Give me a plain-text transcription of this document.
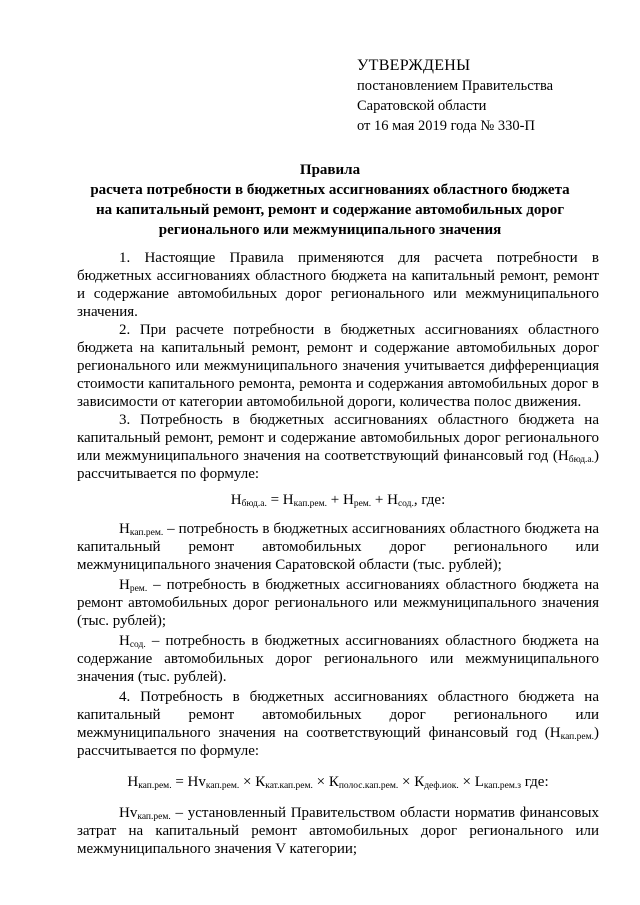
УТВЕРЖДЕНЫ
постановлением Правительства
Саратовской области
от 16 мая 2019 года № 330-П
Правила
расчета потребности в бюджетных ассигнованиях областного бюджета
на капитальный ремонт, ремонт и содержание автомобильных дорог
регионального или межмуниципального значения

1. Настоящие Правила применяются для расчета потребности в бюджетных ассигнованиях областного бюджета на капитальный ремонт, ремонт и содержание автомобильных дорог регионального или межмуниципального значения.

2. При расчете потребности в бюджетных ассигнованиях областного бюджета на капитальный ремонт, ремонт и содержание автомобильных дорог регионального или межмуниципального значения учитывается дифференциация стоимости капитального ремонта, ремонта и содержания автомобильных дорог в зависимости от категории автомобильной дороги, количества полос движения.

3. Потребность в бюджетных ассигнованиях областного бюджета на капитальный ремонт, ремонт и содержание автомобильных дорог регионального или межмуниципального значения на соответствующий финансовый год $(Н_{бюд.а.})$ рассчитывается по формуле:

$Н_{бюд.а.} = Н_{кап.рем.} + Н_{рем.} + Н_{сод.}$, где:

$Н_{кап.рем.}$ – потребность в бюджетных ассигнованиях областного бюджета на капитальный ремонт автомобильных дорог регионального или межмуниципального значения Саратовской области (тыс. рублей);

$Н_{рем.}$ – потребность в бюджетных ассигнованиях областного бюджета на ремонт автомобильных дорог регионального или межмуниципального значения (тыс. рублей);

$Н_{сод.}$ – потребность в бюджетных ассигнованиях областного бюджета на содержание автомобильных дорог регионального или межмуниципального значения (тыс. рублей).

4. Потребность в бюджетных ассигнованиях областного бюджета на капитальный ремонт автомобильных дорог регионального или межмуниципального значения на соответствующий финансовый год $(Н_{кап.рем.})$ рассчитывается по формуле:

$Н_{кап.рем.} = Нv_{кап.рем.} \times К_{кат.кап.рем.} \times К_{полос.кап.рем.} \times К_{деф.иок.} \times L_{кап.рем.з}$ где:

$Нv_{кап.рем.}$ – установленный Правительством области норматив финансовых затрат на капитальный ремонт автомобильных дорог регионального или межмуниципального значения V категории;
